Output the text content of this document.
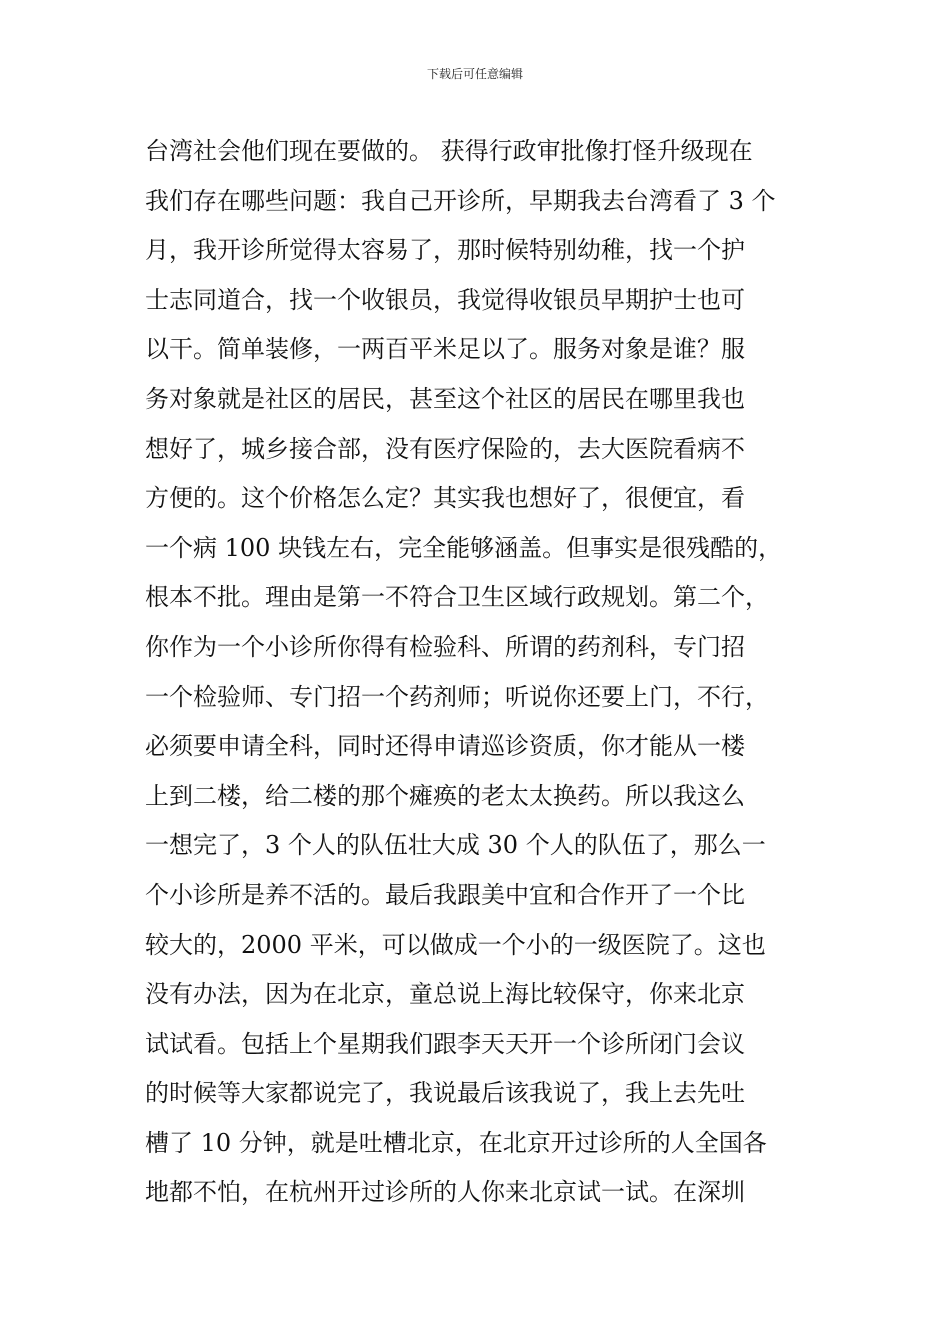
下载后可任意编辑
台湾社会他们现在要做的。 获得行政审批像打怪升级现在
我们存在哪些问题：我自己开诊所，早期我去台湾看了 3 个
月，我开诊所觉得太容易了，那时候特别幼稚，找一个护
士志同道合，找一个收银员，我觉得收银员早期护士也可
以干。简单装修，一两百平米足以了。服务对象是谁？服
务对象就是社区的居民，甚至这个社区的居民在哪里我也
想好了，城乡接合部，没有医疗保险的，去大医院看病不
方便的。这个价格怎么定？其实我也想好了，很便宜，看
一个病 100 块钱左右，完全能够涵盖。但事实是很残酷的，
根本不批。理由是第一不符合卫生区域行政规划。第二个，
你作为一个小诊所你得有检验科、所谓的药剂科，专门招
一个检验师、专门招一个药剂师；听说你还要上门，不行，
必须要申请全科，同时还得申请巡诊资质，你才能从一楼
上到二楼，给二楼的那个瘫痪的老太太换药。所以我这么
一想完了，3 个人的队伍壮大成 30 个人的队伍了，那么一
个小诊所是养不活的。最后我跟美中宜和合作开了一个比
较大的，2000 平米，可以做成一个小的一级医院了。这也
没有办法，因为在北京，童总说上海比较保守，你来北京
试试看。包括上个星期我们跟李天天开一个诊所闭门会议
的时候等大家都说完了，我说最后该我说了，我上去先吐
槽了 10 分钟，就是吐槽北京，在北京开过诊所的人全国各
地都不怕，在杭州开过诊所的人你来北京试一试。在深圳
